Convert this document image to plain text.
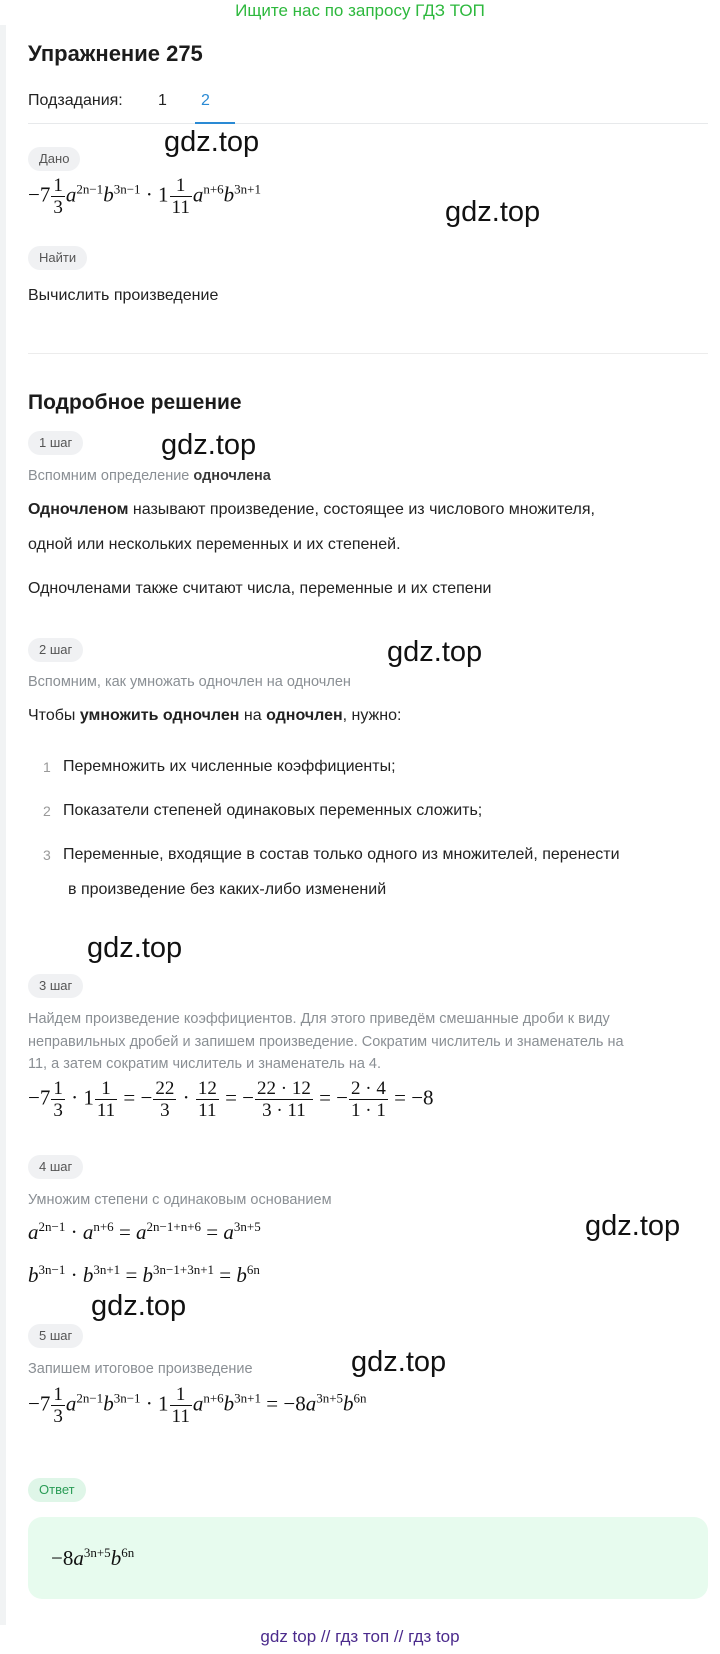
Ищите нас по запросу ГДЗ ТОП
Упражнение 275
Подзадания: 1 2
gdz.top
gdz.top
gdz.top
gdz.top
gdz.top
gdz.top
gdz.top
gdz.top
Дано
$-7 \frac{1}{3} a^{2n-1}b^{3n-1} \cdot 1 \frac{1}{11} a^{n+6}b^{3n+1}$
Найти
Вычислить произведение
Подробное решение
1 шаг
Вспомним определение одночлена
Одночленом называют произведение, состоящее из числового множителя,
одной или нескольких переменных и их степеней.
Одночленами также считают числа, переменные и их степени
2 шаг
Вспомним, как умножать одночлен на одночлен
Чтобы умножить одночлен на одночлен, нужно:
1 Перемножить их численные коэффициенты;
2 Показатели степеней одинаковых переменных сложить;
3 Переменные, входящие в состав только одного из множителей, перенести
в произведение без каких-либо изменений
3 шаг
Найдем произведение коэффициентов. Для этого приведём смешанные дроби к виду
неправильных дробей и запишем произведение. Сократим числитель и знаменатель на
11, а затем сократим числитель и знаменатель на 4.
$-7 \frac{1}{3} \cdot 1 \frac{1}{11}$ = − $\frac{22}{3} \cdot \frac{12}{11}$ = − $\frac{22 \cdot 12}{3 \cdot 11}$ = − $\frac{2 \cdot 4}{1 \cdot 1} = -8$
4 шаг
Умножим степени с одинаковым основанием
$a^{2n-1} \cdot a^{n+6} = a^{2n-1+n+6} = a^{3n+5}$
$b^{3n-1} \cdot b^{3n+1} = b^{3n-1+3n+1} = b^{6n}$
5 шаг
Запишем итоговое произведение
$-7 \frac{1}{3} a^{2n-1}b^{3n-1} \cdot 1 \frac{1}{11} a^{n+6}b^{3n+1} = -8a^{3n+5}b^{6n}$
Ответ
$-8a^{3n+5}b^{6n}$
gdz top // гдз топ // гдз top
